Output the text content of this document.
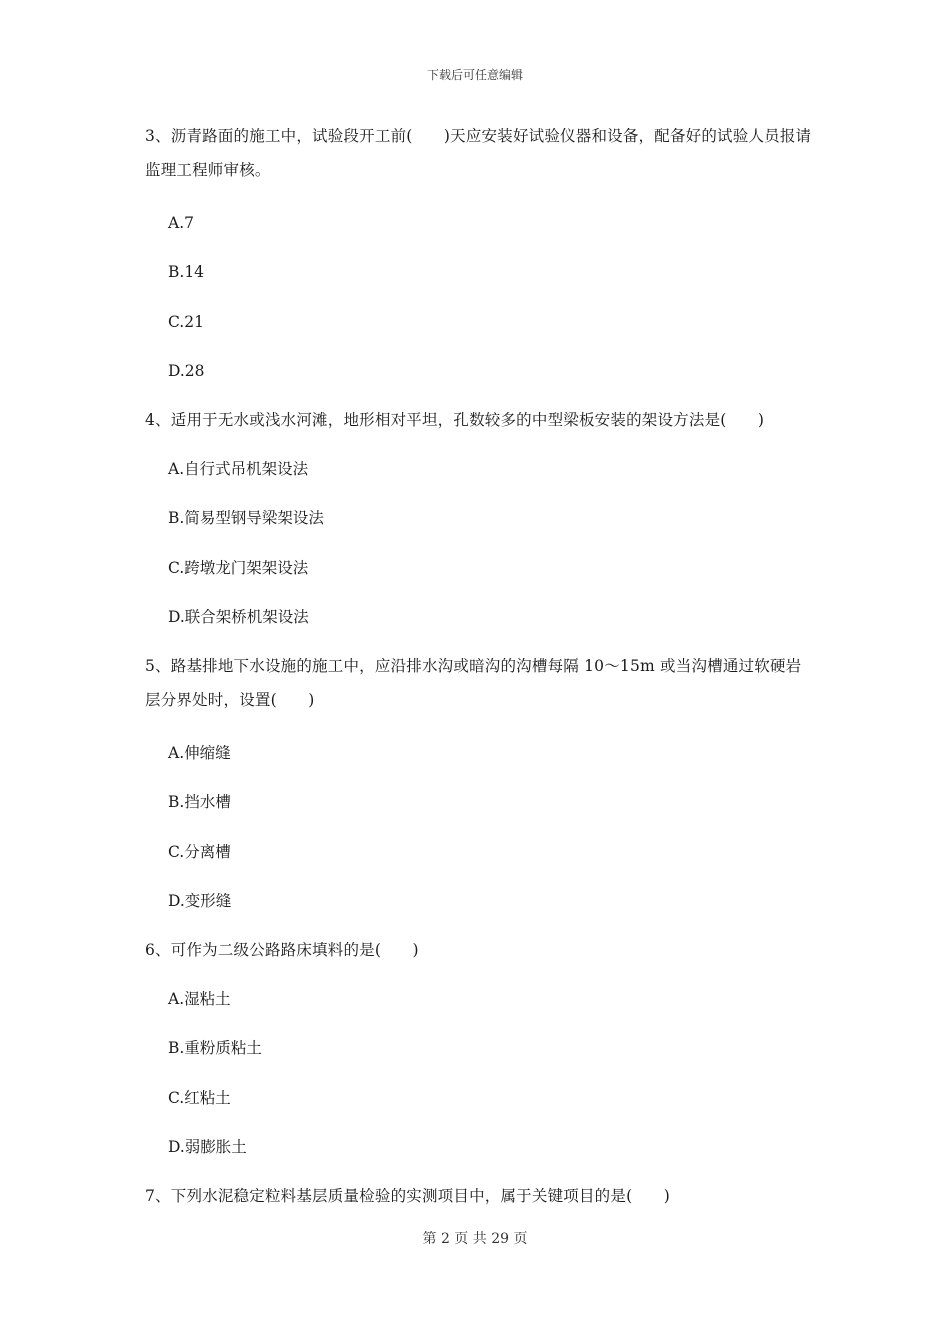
下载后可任意编辑
3、沥青路面的施工中，试验段开工前(　　)天应安装好试验仪器和设备，配备好的试验人员报请监理工程师审核。
A.7
B.14
C.21
D.28
4、适用于无水或浅水河滩，地形相对平坦，孔数较多的中型梁板安装的架设方法是(　　)
A.自行式吊机架设法
B.简易型钢导梁架设法
C.跨墩龙门架架设法
D.联合架桥机架设法
5、路基排地下水设施的施工中，应沿排水沟或暗沟的沟槽每隔 10～15m 或当沟槽通过软硬岩层分界处时，设置(　　)
A.伸缩缝
B.挡水槽
C.分离槽
D.变形缝
6、可作为二级公路路床填料的是(　　)
A.湿粘土
B.重粉质粘土
C.红粘土
D.弱膨胀土
7、下列水泥稳定粒料基层质量检验的实测项目中，属于关键项目的是(　　)
第 2 页 共 29 页
